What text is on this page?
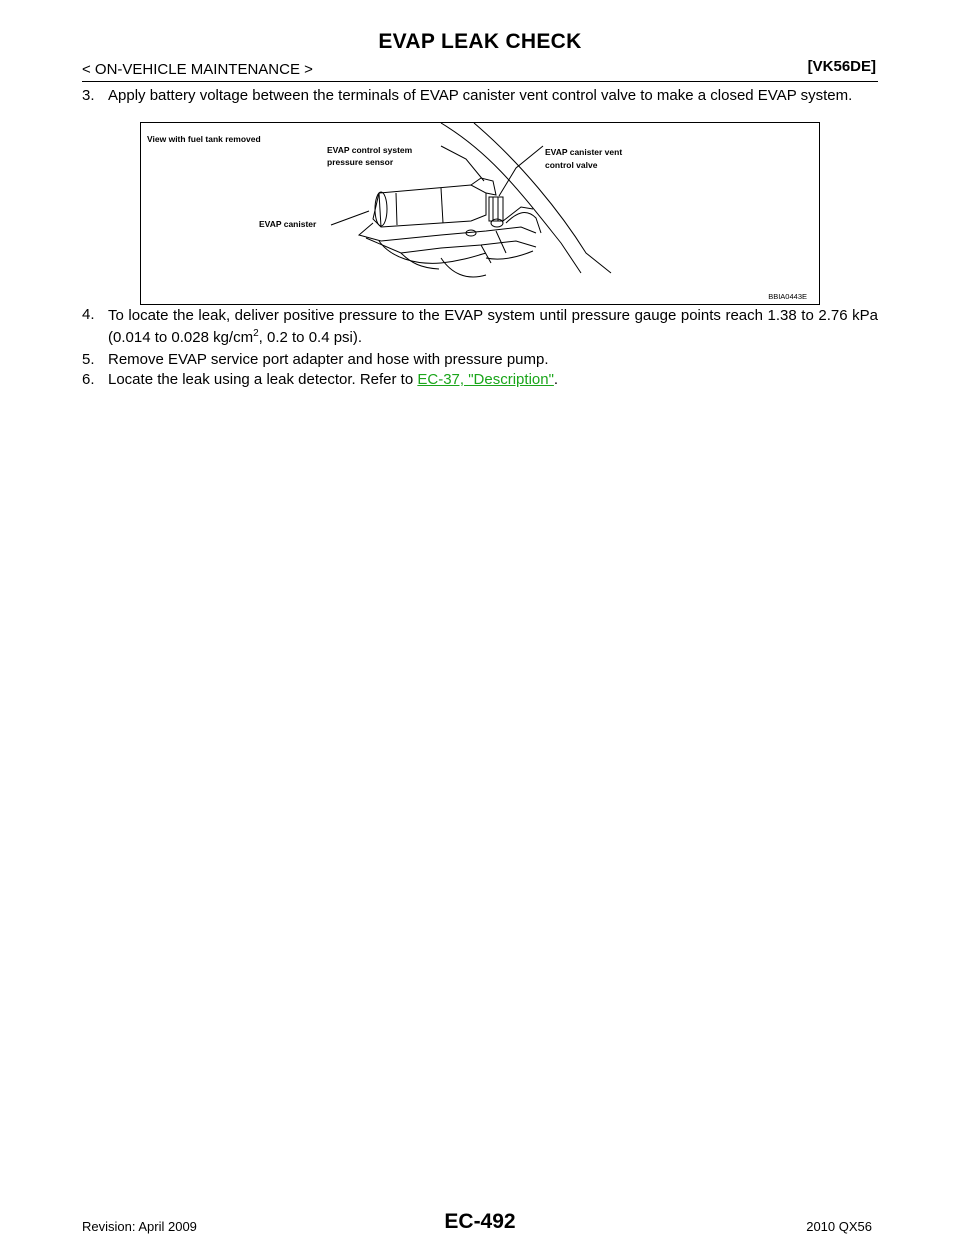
EVAP LEAK CHECK
< ON-VEHICLE MAINTENANCE >	[VK56DE]
3. Apply battery voltage between the terminals of EVAP canister vent control valve to make a closed EVAP system.
View with fuel tank removed
EVAP control system
pressure sensor
EVAP canister vent
control valve
EVAP canister
BBIA0443E
4. To locate the leak, deliver positive pressure to the EVAP system until pressure gauge points reach 1.38 to 2.76 kPa (0.014 to 0.028 $kg/cm^2$, 0.2 to 0.4 psi).
5. Remove EVAP service port adapter and hose with pressure pump.
6. Locate the leak using a leak detector. Refer to EC-37, "Description".
Revision: April 2009	EC-492	2010 QX56
